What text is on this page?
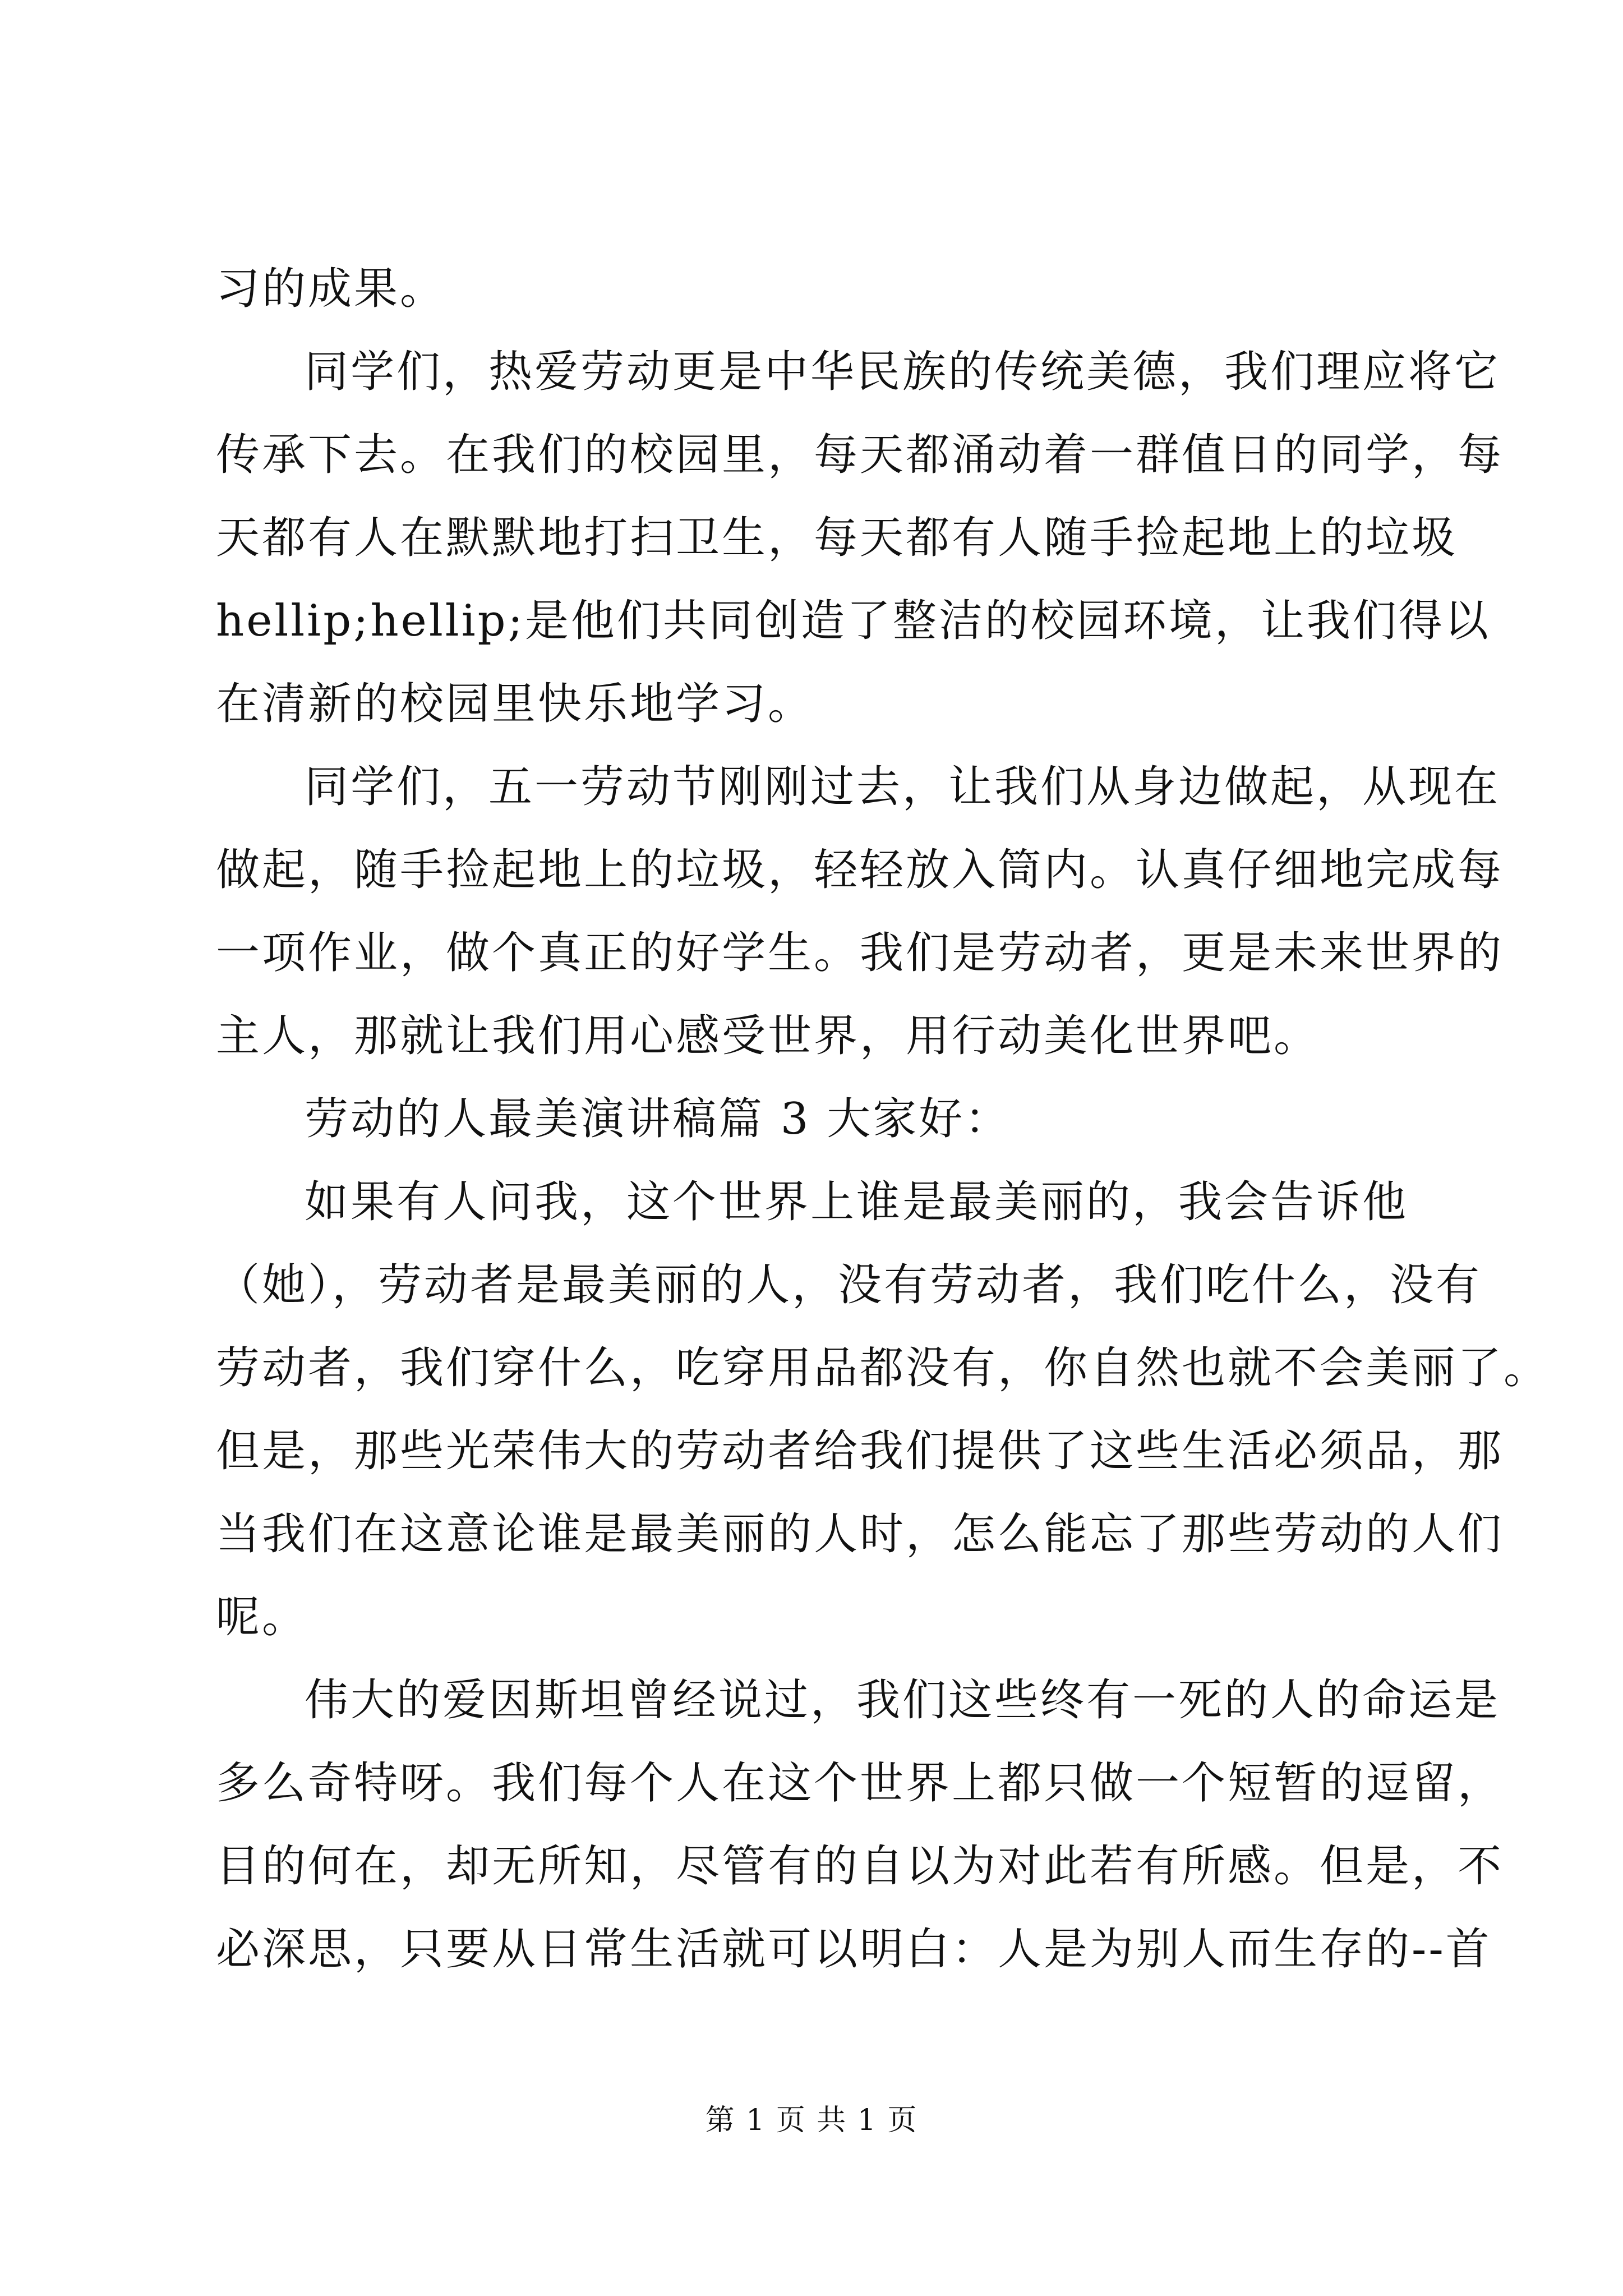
习的成果。
同学们，热爱劳动更是中华民族的传统美德，我们理应将它
传承下去。在我们的校园里，每天都涌动着一群值日的同学，每
天都有人在默默地打扫卫生，每天都有人随手捡起地上的垃圾
hellip;hellip;是他们共同创造了整洁的校园环境，让我们得以
在清新的校园里快乐地学习。
同学们，五一劳动节刚刚过去，让我们从身边做起，从现在
做起，随手捡起地上的垃圾，轻轻放入筒内。认真仔细地完成每
一项作业，做个真正的好学生。我们是劳动者，更是未来世界的
主人，那就让我们用心感受世界，用行动美化世界吧。
劳动的人最美演讲稿篇 3 大家好：
如果有人问我，这个世界上谁是最美丽的，我会告诉他
（她），劳动者是最美丽的人，没有劳动者，我们吃什么，没有
劳动者，我们穿什么，吃穿用品都没有，你自然也就不会美丽了。
但是，那些光荣伟大的劳动者给我们提供了这些生活必须品，那
当我们在这意论谁是最美丽的人时，怎么能忘了那些劳动的人们
呢。
伟大的爱因斯坦曾经说过，我们这些终有一死的人的命运是
多么奇特呀。我们每个人在这个世界上都只做一个短暂的逗留，
目的何在，却无所知，尽管有的自以为对此若有所感。但是，不
必深思，只要从日常生活就可以明白：人是为别人而生存的--首
第 1 页 共 1 页
